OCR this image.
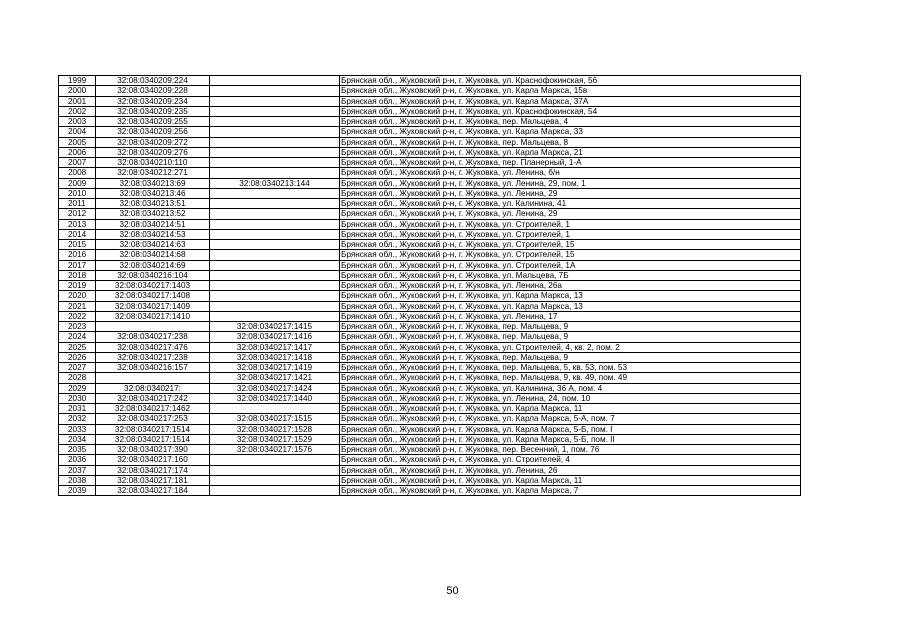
1999	32:08:0340209:224		Брянская обл., Жуковский р-н, г. Жуковка, ул. Краснофокинская, 56
2000	32:08:0340209:228		Брянская обл., Жуковский р-н, г. Жуковка, ул. Карла Маркса, 15в
2001	32:08:0340209:234		Брянская обл., Жуковский р-н, г. Жуковка, ул. Карла Маркса, 37А
2002	32:08:0340209:235		Брянская обл., Жуковский р-н, г. Жуковка, ул. Краснофокинская, 54
2003	32:08:0340209:255		Брянская обл., Жуковский р-н, г. Жуковка, пер. Мальцева, 4
2004	32:08:0340209:256		Брянская обл., Жуковский р-н, г. Жуковка, ул. Карла Маркса, 33
2005	32:08:0340209:272		Брянская обл., Жуковский р-н, г. Жуковка, пер. Мальцева, 8
2006	32:08:0340209:276		Брянская обл., Жуковский р-н, г. Жуковка, ул. Карла Маркса, 21
2007	32:08:0340210:110		Брянская обл., Жуковский р-н, г. Жуковка, пер. Планерный, 1-А
2008	32:08:0340212:271		Брянская обл., Жуковский р-н, г. Жуковка, ул. Ленина, б/н
2009	32:08:0340213:69	32:08:0340213:144	Брянская обл., Жуковский р-н, г. Жуковка, ул. Ленина, 29, пом. 1
2010	32:08:0340213:46		Брянская обл., Жуковский р-н, г. Жуковка, ул. Ленина, 29
2011	32:08:0340213:51		Брянская обл., Жуковский р-н, г. Жуковка, ул. Калинина, 41
2012	32:08:0340213:52		Брянская обл., Жуковский р-н, г. Жуковка, ул. Ленина, 29
2013	32:08:0340214:51		Брянская обл., Жуковский р-н, г. Жуковка, ул. Строителей, 1
2014	32:08:0340214:53		Брянская обл., Жуковский р-н, г. Жуковка, ул. Строителей, 1
2015	32:08:0340214:63		Брянская обл., Жуковский р-н, г. Жуковка, ул. Строителей, 15
2016	32:08:0340214:68		Брянская обл., Жуковский р-н, г. Жуковка, ул. Строителей, 15
2017	32:08:0340214:69		Брянская обл., Жуковский р-н, г. Жуковка, ул. Строителей, 1А
2018	32:08:0340216:104		Брянская обл., Жуковский р-н, г. Жуковка, ул. Мальцева, 7Б
2019	32:08:0340217:1403		Брянская обл., Жуковский р-н, г. Жуковка, ул. Ленина, 26а
2020	32:08:0340217:1408		Брянская обл., Жуковский р-н, г. Жуковка, ул. Карла Маркса, 13
2021	32:08:0340217:1409		Брянская обл., Жуковский р-н, г. Жуковка, ул. Карла Маркса, 13
2022	32:08:0340217:1410		Брянская обл., Жуковский р-н, г. Жуковка, ул. Ленина, 17
2023		32:08:0340217:1415	Брянская обл., Жуковский р-н, г. Жуковка, пер. Мальцева, 9
2024	32:08:0340217:238	32:08:0340217:1416	Брянская обл., Жуковский р-н, г. Жуковка, пер. Мальцева, 9
2025	32:08:0340217:476	32:08:0340217:1417	Брянская обл., Жуковский р-н, г. Жуковка, ул. Строителей, 4, кв. 2, пом. 2
2026	32:08:0340217:238	32:08:0340217:1418	Брянская обл., Жуковский р-н, г. Жуковка, пер. Мальцева, 9
2027	32:08:0340216:157	32:08:0340217:1419	Брянская обл., Жуковский р-н, г. Жуковка, пер. Мальцева, 5, кв. 53, пом. 53
2028		32:08:0340217:1421	Брянская обл., Жуковский р-н, г. Жуковка, пер. Мальцева, 9, кв. 49, пом. 49
2029	32:08:0340217:	32:08:0340217:1424	Брянская обл., Жуковский р-н, г. Жуковка, ул. Калинина, 36 А, пом. 4
2030	32:08:0340217:242	32:08:0340217:1440	Брянская обл., Жуковский р-н, г. Жуковка, ул. Ленина, 24, пом. 10
2031	32:08:0340217:1462		Брянская обл., Жуковский р-н, г. Жуковка, ул. Карла Маркса, 11
2032	32:08:0340217:253	32:08:0340217:1515	Брянская обл., Жуковский р-н, г. Жуковка, ул. Карла Маркса, 5-А, пом. 7
2033	32:08:0340217:1514	32:08:0340217:1528	Брянская обл., Жуковский р-н, г. Жуковка, ул. Карла Маркса, 5-Б, пом. I
2034	32:08:0340217:1514	32:08:0340217:1529	Брянская обл., Жуковский р-н, г. Жуковка, ул. Карла Маркса, 5-Б, пом. II
2035	32:08:0340217:390	32:08:0340217:1576	Брянская обл., Жуковский р-н, г. Жуковка, пер. Весенний, 1, пом. 76
2036	32:08:0340217:160		Брянская обл., Жуковский р-н, г. Жуковка, ул. Строителей, 4
2037	32:08:0340217:174		Брянская обл., Жуковский р-н, г. Жуковка, ул. Ленина, 26
2038	32:08:0340217:181		Брянская обл., Жуковский р-н, г. Жуковка, ул. Карла Маркса, 11
2039	32:08:0340217:184		Брянская обл., Жуковский р-н, г. Жуковка, ул. Карла Маркса, 7
50
